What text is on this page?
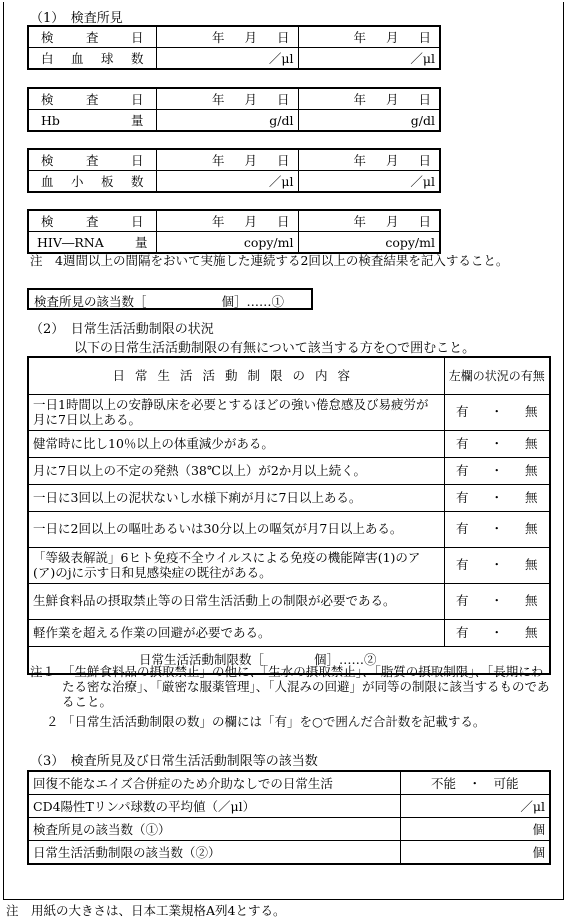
（1）　検査所見
検査日	年 月 日	年 月 日

白血球数	／μl	／μl
検査日	年 月 日	年 月 日

Hb量	g/dl	g/dl
検査日	年 月 日	年 月 日

血小板数	／μl	／μl
検査日	年 月 日	年 月 日

HIV―RNA量	copy/ml	copy/ml
注　4週間以上の間隔をおいて実施した連続する2回以上の検査結果を記入すること。
検査所見の該当数［　　　　　　個］……①
（2）　日常生活活動制限の状況
以下の日常生活活動制限の有無について該当する方を○で囲むこと。
日常生活活動制限の内容	左欄の状況の有無
一日1時間以上の安静臥床を必要とするほどの強い倦怠感及び易疲労が月に7日以上ある。	有 ・ 無

健常時に比し10％以上の体重減少がある。	有 ・ 無

月に7日以上の不定の発熱（38℃以上）が2か月以上続く。	有 ・ 無

一日に3回以上の泥状ないし水様下痢が月に7日以上ある。	有 ・ 無

一日に2回以上の嘔吐あるいは30分以上の嘔気が月7日以上ある。	有 ・ 無

「等級表解説」6ヒト免疫不全ウイルスによる免疫の機能障害(1)のア(ア)のjに示す日和見感染症の既往がある。	有 ・ 無

生鮮食料品の摂取禁止等の日常生活活動上の制限が必要である。	有 ・ 無

軽作業を超える作業の回避が必要である。	有 ・ 無

日常生活活動制限数［　　　　個］……②	
注１ 「生鮮食料品の摂取禁止」の他に、「生水の摂取禁止」、「脂質の摂取制限」、「長期にわたる密な治療」、「厳密な服薬管理」、「人混みの回避」が同等の制限に該当するものであること。
２ 「日常生活活動制限の数」の欄には「有」を○で囲んだ合計数を記載する。
（3）　検査所見及び日常生活活動制限等の該当数
回復不能なエイズ合併症のため介助なしでの日常生活	不能　・　可能
CD4陽性Tリンパ球数の平均値（／μl）	／μl
検査所見の該当数（①）	個
日常生活活動制限の該当数（②）	個
注　用紙の大きさは、日本工業規格A列4とする。
